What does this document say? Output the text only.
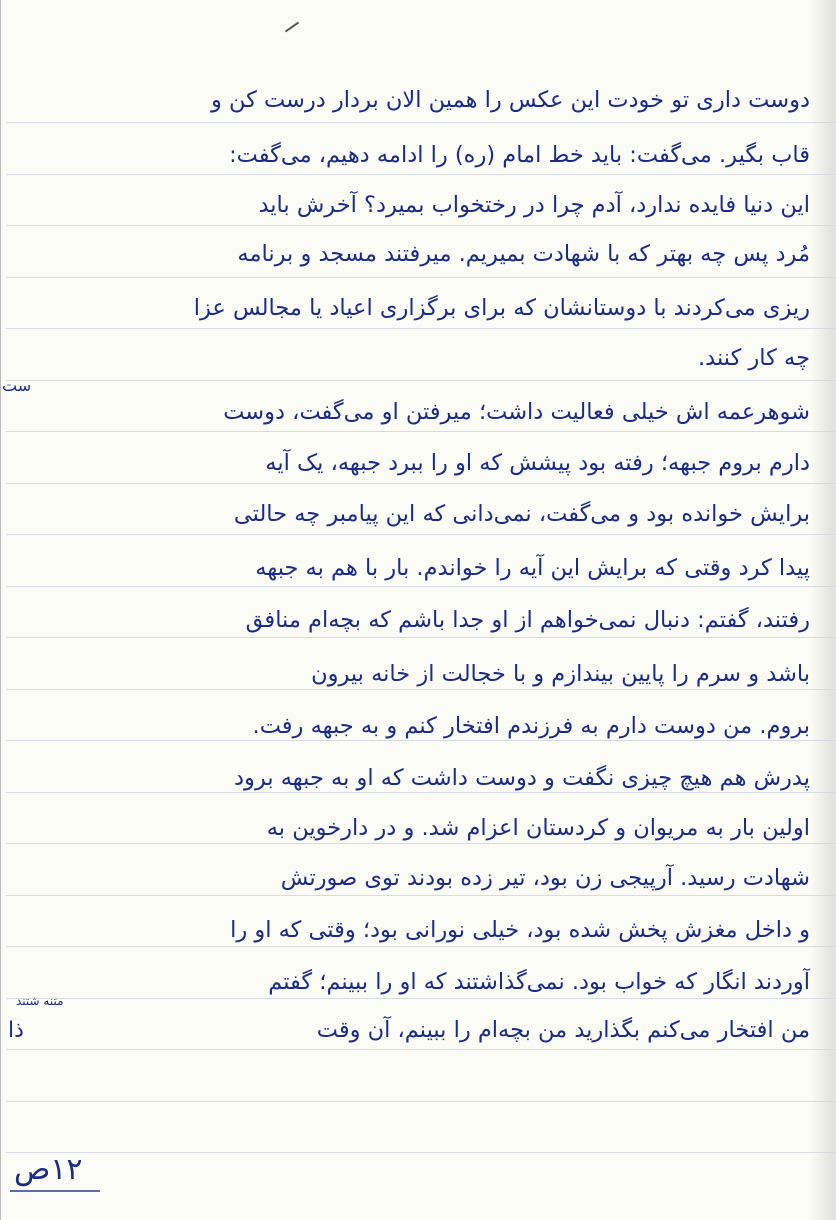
دوست داری تو خودت این عکس را همین الان بردار درست کن و
قاب بگیر. می‌گفت: باید خط امام (ره) را ادامه دهیم، می‌گفت:
این دنیا فایده ندارد، آدم چرا در رختخواب بمیرد؟ آخرش باید
مُرد پس چه بهتر که با شهادت بمیریم. میرفتند مسجد و برنامه
ریزی می‌کردند با دوستانشان که برای برگزاری اعیاد یا مجالس عزا
چه کار کنند.
شوهرعمه اش خیلی فعالیت داشت؛ میرفتن او می‌گفت، دوست
دارم بروم جبهه؛ رفته بود پیشش که او را ببرد جبهه، یک آیه
برایش خوانده بود و می‌گفت، نمی‌دانی که این پیامبر چه حالتی
پیدا کرد وقتی که برایش این آیه را خواندم. بار با هم به جبهه
رفتند، گفتم: دنبال نمی‌خواهم از او جدا باشم که بچه‌ام منافق
باشد و سرم را پایین بیندازم و با خجالت از خانه بیرون
بروم. من دوست دارم به فرزندم افتخار کنم و به جبهه رفت.
پدرش هم هیچ چیزی نگفت و دوست داشت که او به جبهه برود
اولین بار به مریوان و کردستان اعزام شد. و در دارخوین به
شهادت رسید. آرپیجی زن بود، تیر زده بودند توی صورتش
و داخل مغزش پخش شده بود، خیلی نورانی بود؛ وقتی که او را
آوردند انگار که خواب بود. نمی‌گذاشتند که او را ببینم؛ گفتم
من افتخار می‌کنم بگذارید من بچه‌ام را ببینم، آن وقت
ذا
ست
متنه شتند
۱۲ص
